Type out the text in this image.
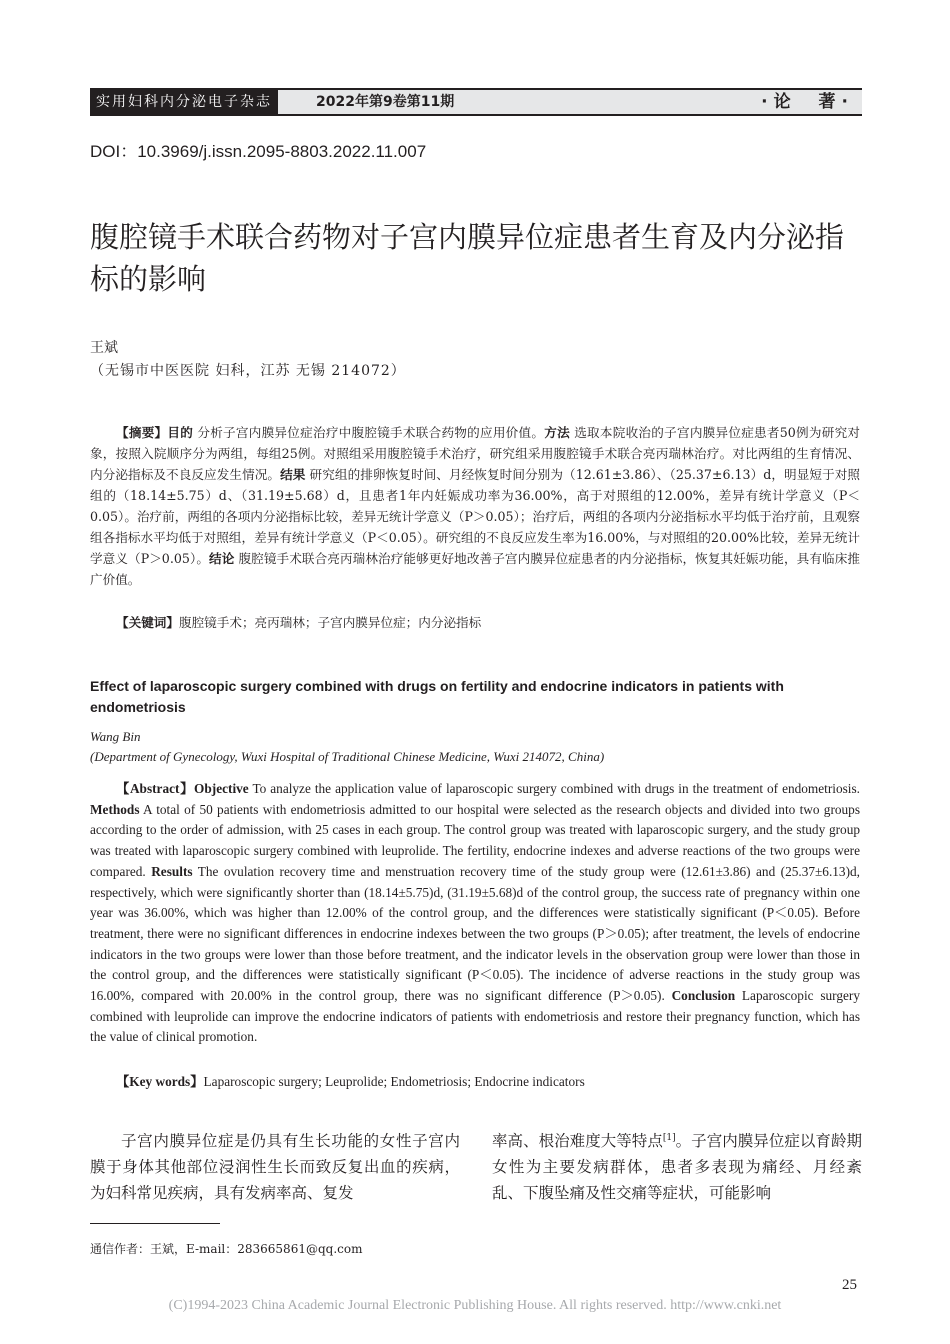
实用妇科内分泌电子杂志	2022年第9卷第11期	·论 著·
DOI：10.3969/j.issn.2095-8803.2022.11.007
腹腔镜手术联合药物对子宫内膜异位症患者生育及内分泌指标的影响
王斌
（无锡市中医医院 妇科，江苏 无锡 214072）
【摘要】目的 分析子宫内膜异位症治疗中腹腔镜手术联合药物的应用价值。方法 选取本院收治的子宫内膜异位症患者50例为研究对象，按照入院顺序分为两组，每组25例。对照组采用腹腔镜手术治疗，研究组采用腹腔镜手术联合亮丙瑞林治疗。对比两组的生育情况、内分泌指标及不良反应发生情况。结果 研究组的排卵恢复时间、月经恢复时间分别为（12.61±3.86）、（25.37±6.13）d，明显短于对照组的（18.14±5.75）d、（31.19±5.68）d，且患者1年内妊娠成功率为36.00%，高于对照组的12.00%，差异有统计学意义（P＜0.05）。治疗前，两组的各项内分泌指标比较，差异无统计学意义（P＞0.05）；治疗后，两组的各项内分泌指标水平均低于治疗前，且观察组各指标水平均低于对照组，差异有统计学意义（P＜0.05）。研究组的不良反应发生率为16.00%，与对照组的20.00%比较，差异无统计学意义（P＞0.05）。结论 腹腔镜手术联合亮丙瑞林治疗能够更好地改善子宫内膜异位症患者的内分泌指标，恢复其妊娠功能，具有临床推广价值。
【关键词】腹腔镜手术；亮丙瑞林；子宫内膜异位症；内分泌指标
Effect of laparoscopic surgery combined with drugs on fertility and endocrine indicators in patients with endometriosis
Wang Bin
(Department of Gynecology, Wuxi Hospital of Traditional Chinese Medicine, Wuxi 214072, China)
【Abstract】Objective To analyze the application value of laparoscopic surgery combined with drugs in the treatment of endometriosis. Methods A total of 50 patients with endometriosis admitted to our hospital were selected as the research objects and divided into two groups according to the order of admission, with 25 cases in each group. The control group was treated with laparoscopic surgery, and the study group was treated with laparoscopic surgery combined with leuprolide. The fertility, endocrine indexes and adverse reactions of the two groups were compared. Results The ovulation recovery time and menstruation recovery time of the study group were (12.61±3.86) and (25.37±6.13)d, respectively, which were significantly shorter than (18.14±5.75)d, (31.19±5.68)d of the control group, the success rate of pregnancy within one year was 36.00%, which was higher than 12.00% of the control group, and the differences were statistically significant (P＜0.05). Before treatment, there were no significant differences in endocrine indexes between the two groups (P＞0.05); after treatment, the levels of endocrine indicators in the two groups were lower than those before treatment, and the indicator levels in the observation group were lower than those in the control group, and the differences were statistically significant (P＜0.05). The incidence of adverse reactions in the study group was 16.00%, compared with 20.00% in the control group, there was no significant difference (P＞0.05). Conclusion Laparoscopic surgery combined with leuprolide can improve the endocrine indicators of patients with endometriosis and restore their pregnancy function, which has the value of clinical promotion.
【Key words】Laparoscopic surgery; Leuprolide; Endometriosis; Endocrine indicators
子宫内膜异位症是仍具有生长功能的女性子宫内膜于身体其他部位浸润性生长而致反复出血的疾病，为妇科常见疾病，具有发病率高、复发
率高、根治难度大等特点[1]。子宫内膜异位症以育龄期女性为主要发病群体，患者多表现为痛经、月经紊乱、下腹坠痛及性交痛等症状，可能影响
通信作者：王斌，E-mail：283665861@qq.com
25
(C)1994-2023 China Academic Journal Electronic Publishing House. All rights reserved. http://www.cnki.net
